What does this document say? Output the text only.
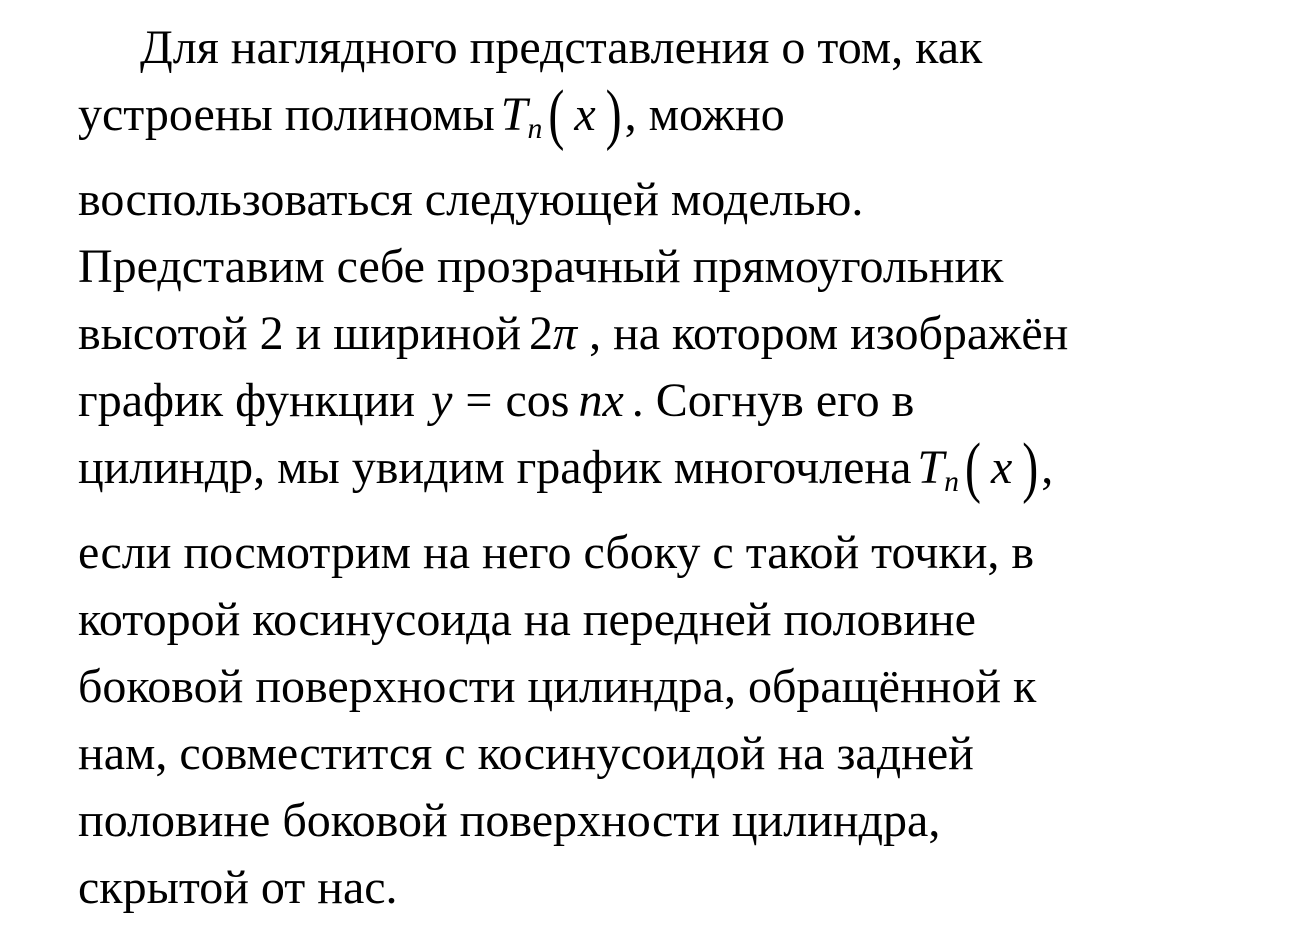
Для наглядного представления о том, как
устроены полиномы $T_n$ ( x ), можно
воспользоваться следующей моделью.
Представим себе прозрачный прямоугольник
высотой 2 и шириной 2π , на котором изображён
график функции y = cos nx . Согнув его в
цилиндр, мы увидим график многочлена $T_n$ ( x ),
если посмотрим на него сбоку с такой точки, в
которой косинусоида на передней половине
боковой поверхности цилиндра, обращённой к
нам, совместится с косинусоидой на задней
половине боковой поверхности цилиндра,
скрытой от нас.
